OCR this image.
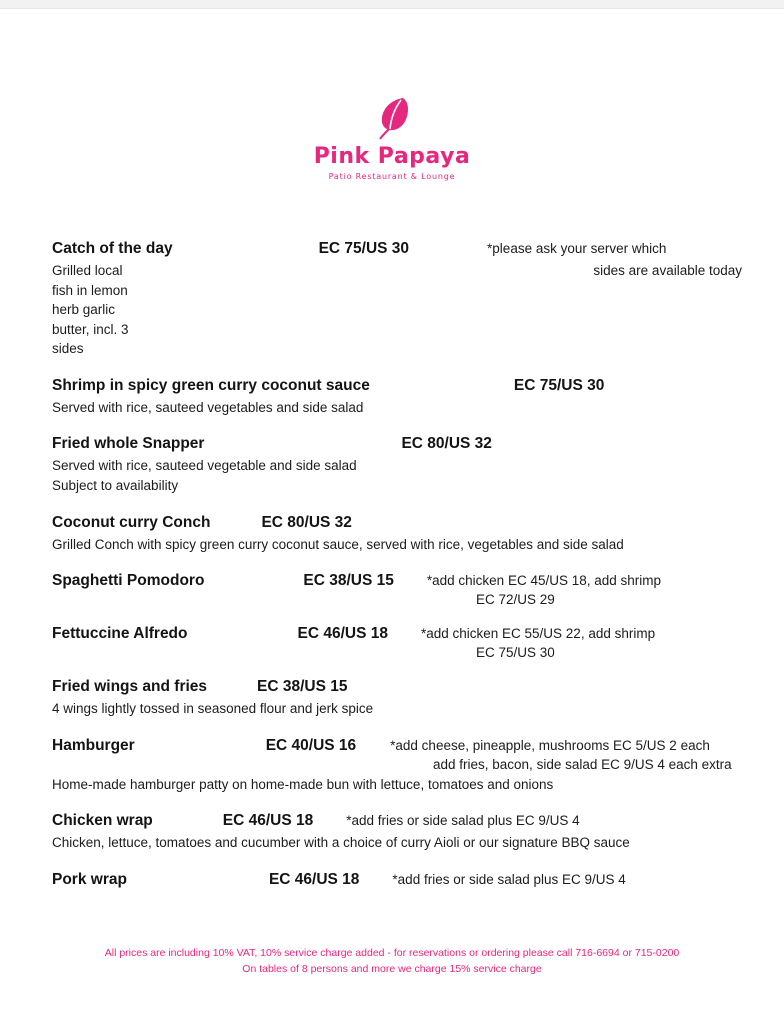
Pink Papaya
Patio Restaurant & Lounge
Catch of the day	EC 75/US 30	*please ask your server which
Grilled local fish in lemon herb garlic butter, incl. 3 sides
sides are available today
Shrimp in spicy green curry coconut sauce	EC 75/US 30
Served with rice, sauteed vegetables and side salad
Fried whole Snapper	EC 80/US 32
Served with rice, sauteed vegetable and side salad
Subject to availability
Coconut curry Conch	EC 80/US 32
Grilled Conch with spicy green curry coconut sauce, served with rice, vegetables and side salad
Spaghetti Pomodoro	EC 38/US 15 *add chicken EC 45/US 18, add shrimp
EC 72/US 29
Fettuccine Alfredo	EC 46/US 18 *add chicken EC 55/US 22, add shrimp
EC 75/US 30
Fried wings and fries	EC 38/US 15
4 wings lightly tossed in seasoned flour and jerk spice
Hamburger	EC 40/US 16	*add cheese, pineapple, mushrooms EC 5/US 2 each
add fries, bacon, side salad EC 9/US 4 each extra
Home-made hamburger patty on home-made bun with lettuce, tomatoes and onions
Chicken wrap	EC 46/US 18 *add fries or side salad plus EC 9/US 4
Chicken, lettuce, tomatoes and cucumber with a choice of curry Aioli or our signature BBQ sauce
Pork wrap	EC 46/US 18 *add fries or side salad plus EC 9/US 4
All prices are including 10% VAT, 10% service charge added - for reservations or ordering please call 716-6694 or 715-0200
On tables of 8 persons and more we charge 15% service charge
